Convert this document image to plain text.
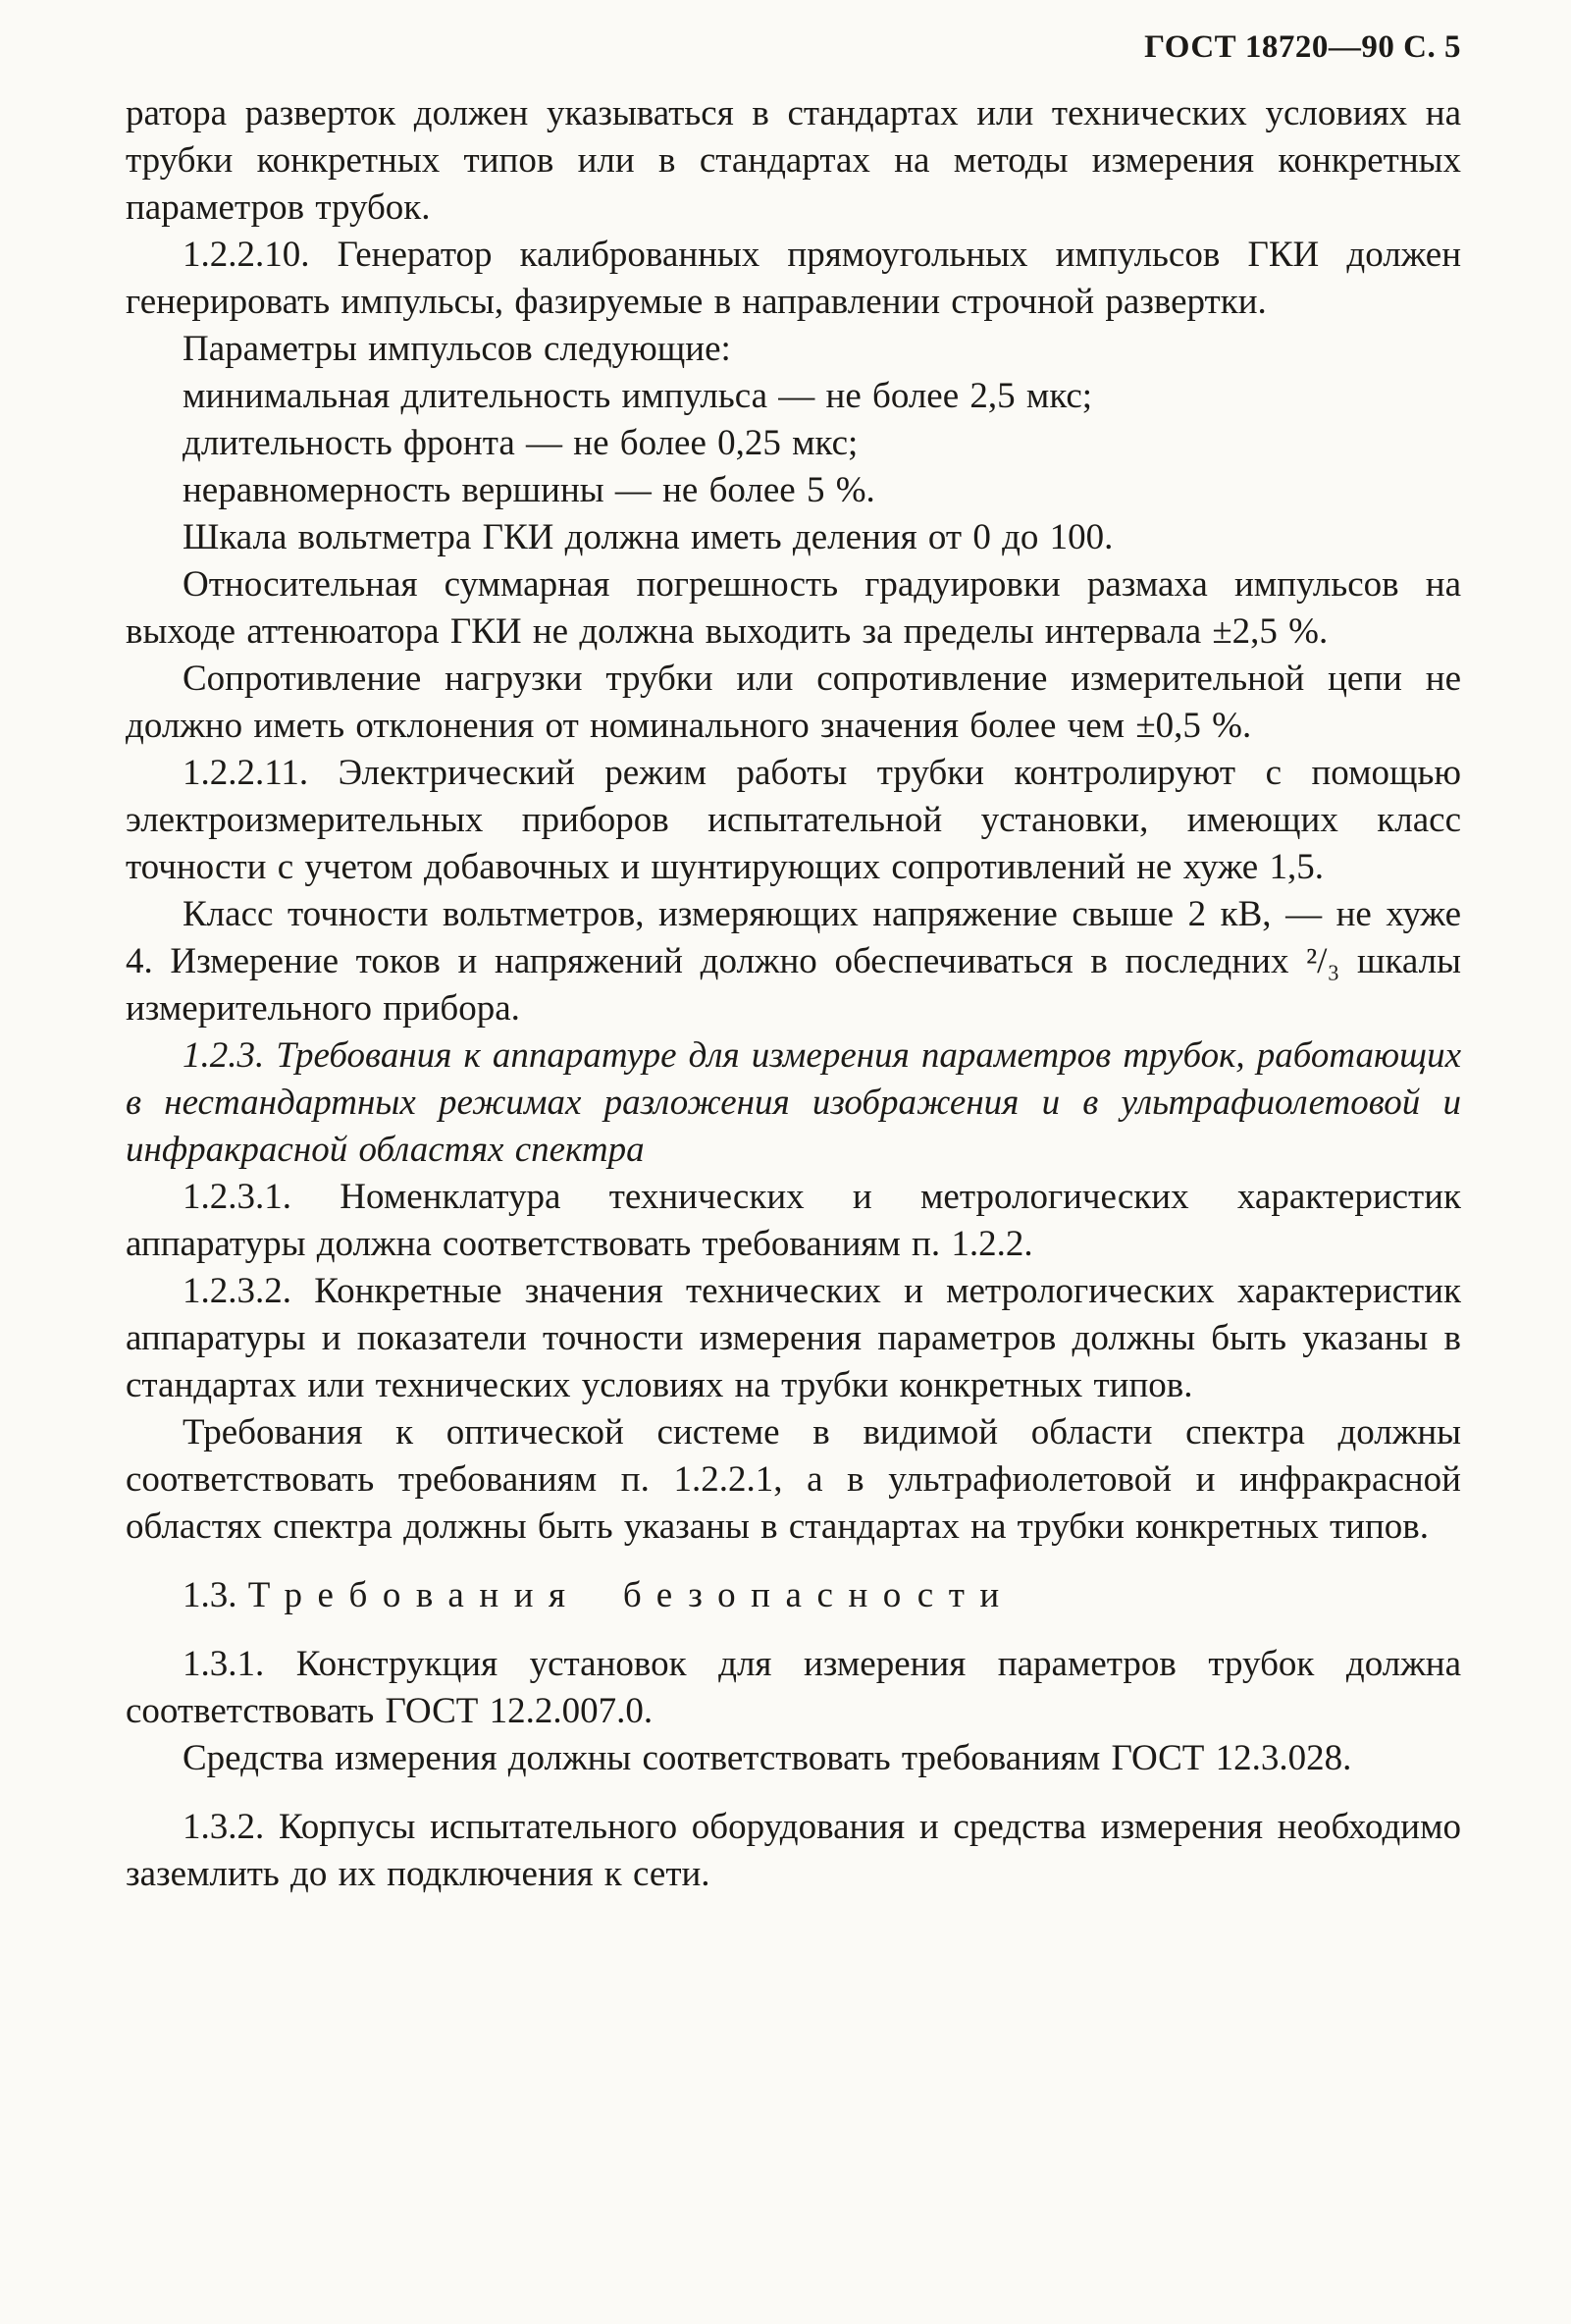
ГОСТ 18720—90 С. 5

ратора разверток должен указываться в стандартах или технических условиях на трубки конкретных типов или в стандартах на методы измерения конкретных параметров трубок.

1.2.2.10. Генератор калиброванных прямоугольных импульсов ГКИ должен генерировать импульсы, фазируемые в направлении строчной развертки.

Параметры импульсов следующие:

минимальная длительность импульса — не более 2,5 мкс;

длительность фронта — не более 0,25 мкс;

неравномерность вершины — не более 5 %.

Шкала вольтметра ГКИ должна иметь деления от 0 до 100.

Относительная суммарная погрешность градуировки размаха импульсов на выходе аттенюатора ГКИ не должна выходить за пределы интервала ±2,5 %.

Сопротивление нагрузки трубки или сопротивление измерительной цепи не должно иметь отклонения от номинального значения более чем ±0,5 %.

1.2.2.11. Электрический режим работы трубки контролируют с помощью электроизмерительных приборов испытательной установки, имеющих класс точности с учетом добавочных и шунтирующих сопротивлений не хуже 1,5.

Класс точности вольтметров, измеряющих напряжение свыше 2 кВ, — не хуже 4. Измерение токов и напряжений должно обеспечиваться в последних ²/₃ шкалы измерительного прибора.

1.2.3. Требования к аппаратуре для измерения параметров трубок, работающих в нестандартных режимах разложения изображения и в ультрафиолетовой и инфракрасной областях спектра

1.2.3.1. Номенклатура технических и метрологических характеристик аппаратуры должна соответствовать требованиям п. 1.2.2.

1.2.3.2. Конкретные значения технических и метрологических характеристик аппаратуры и показатели точности измерения параметров должны быть указаны в стандартах или технических условиях на трубки конкретных типов.

Требования к оптической системе в видимой области спектра должны соответствовать требованиям п. 1.2.2.1, а в ультрафиолетовой и инфракрасной областях спектра должны быть указаны в стандартах на трубки конкретных типов.

1.3. Требования безопасности

1.3.1. Конструкция установок для измерения параметров трубок должна соответствовать ГОСТ 12.2.007.0.

Средства измерения должны соответствовать требованиям ГОСТ 12.3.028.

1.3.2. Корпусы испытательного оборудования и средства измерения необходимо заземлить до их подключения к сети.
